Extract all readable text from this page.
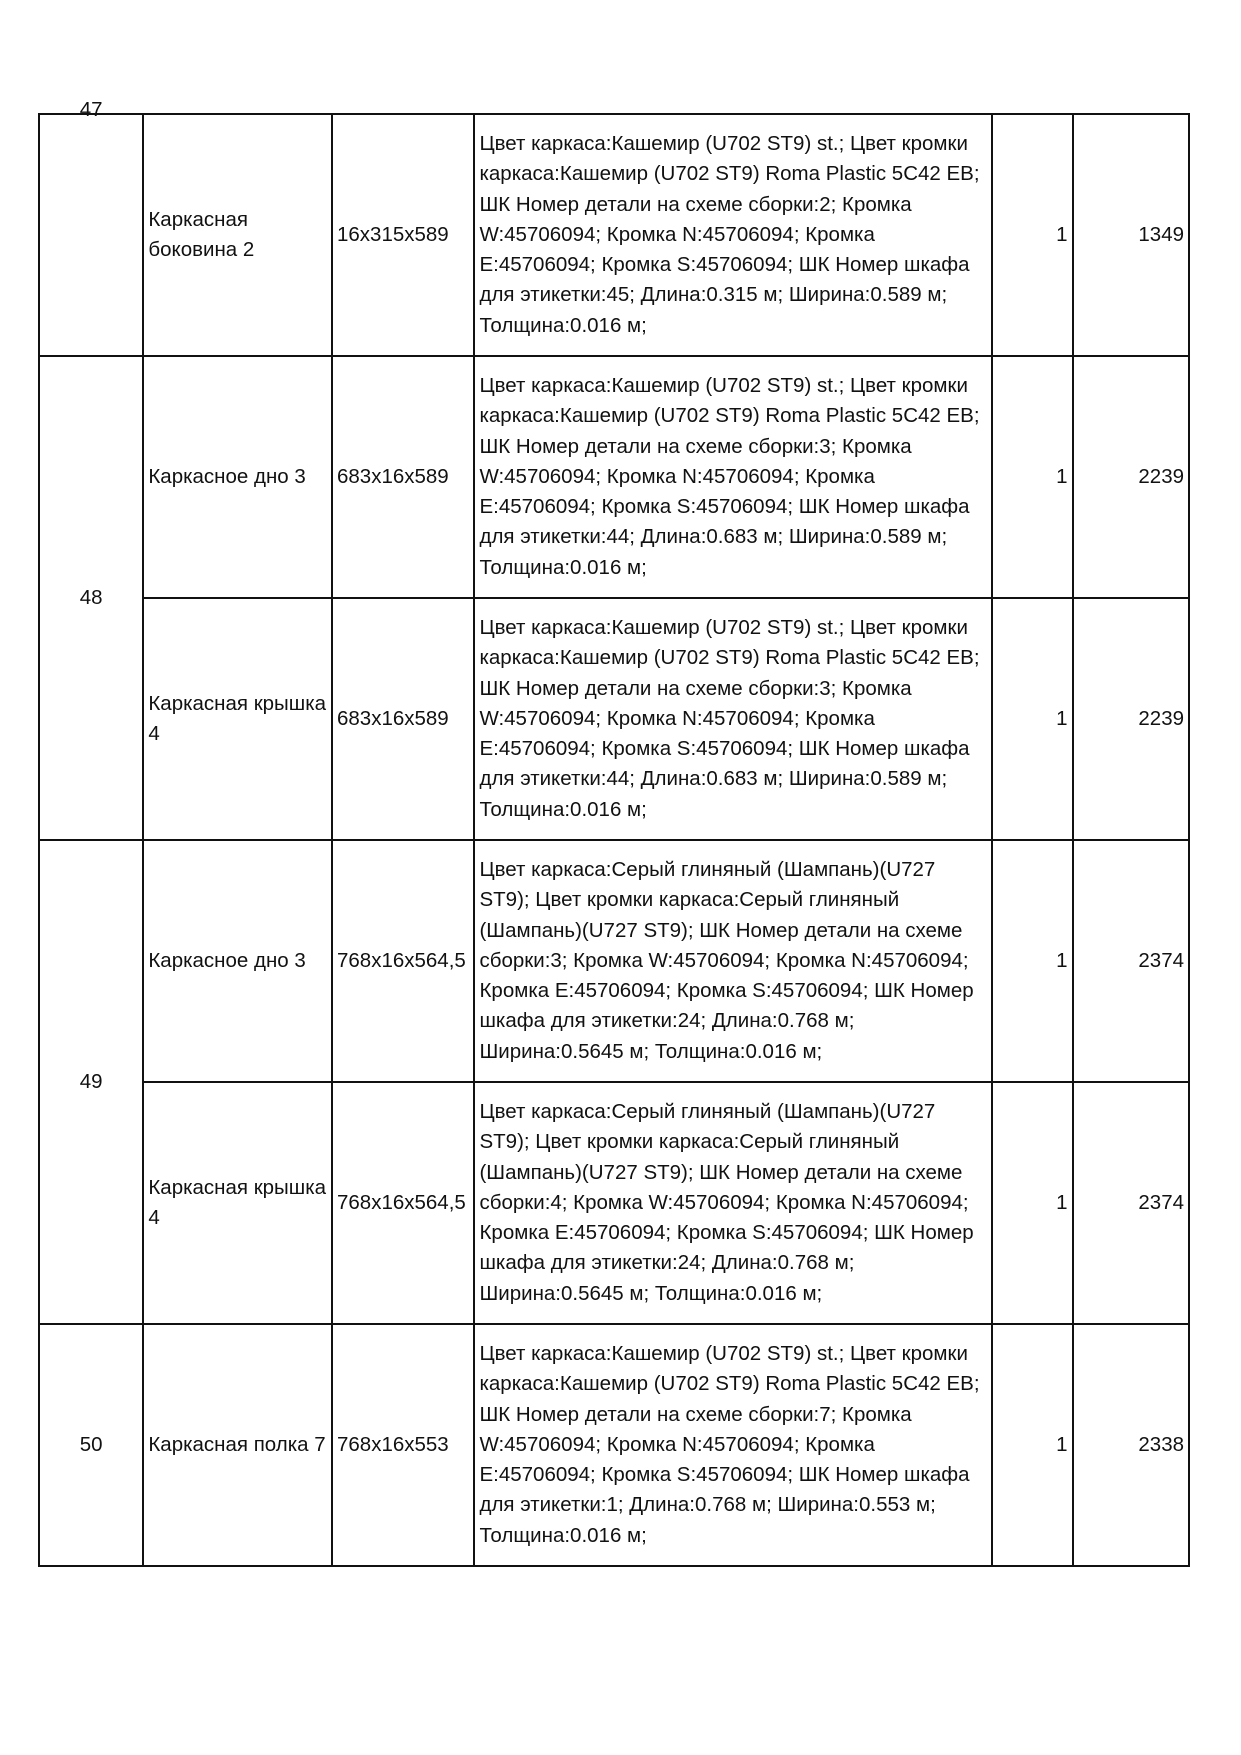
47	Каркасная боковина 2	16x315x589	Цвет каркаса:Кашемир (U702 ST9) st.; Цвет кромки каркаса:Кашемир (U702 ST9) Roma Plastic 5C42 EB; ШК Номер детали на схеме сборки:2; Кромка W:45706094; Кромка N:45706094; Кромка E:45706094; Кромка S:45706094; ШК Номер шкафа для этикетки:45; Длина:0.315 м; Ширина:0.589 м; Толщина:0.016 м;	1	1349
48	Каркасное дно 3	683x16x589	Цвет каркаса:Кашемир (U702 ST9) st.; Цвет кромки каркаса:Кашемир (U702 ST9) Roma Plastic 5C42 EB; ШК Номер детали на схеме сборки:3; Кромка W:45706094; Кромка N:45706094; Кромка E:45706094; Кромка S:45706094; ШК Номер шкафа для этикетки:44; Длина:0.683 м; Ширина:0.589 м; Толщина:0.016 м;	1	2239
	Каркасная крышка 4	683x16x589	Цвет каркаса:Кашемир (U702 ST9) st.; Цвет кромки каркаса:Кашемир (U702 ST9) Roma Plastic 5C42 EB; ШК Номер детали на схеме сборки:3; Кромка W:45706094; Кромка N:45706094; Кромка E:45706094; Кромка S:45706094; ШК Номер шкафа для этикетки:44; Длина:0.683 м; Ширина:0.589 м; Толщина:0.016 м;	1	2239
49	Каркасное дно 3	768x16x564,5	Цвет каркаса:Серый глиняный (Шампань)(U727 ST9); Цвет кромки каркаса:Серый глиняный (Шампань)(U727 ST9); ШК Номер детали на схеме сборки:3; Кромка W:45706094; Кромка N:45706094; Кромка E:45706094; Кромка S:45706094; ШК Номер шкафа для этикетки:24; Длина:0.768 м; Ширина:0.5645 м; Толщина:0.016 м;	1	2374
	Каркасная крышка 4	768x16x564,5	Цвет каркаса:Серый глиняный (Шампань)(U727 ST9); Цвет кромки каркаса:Серый глиняный (Шампань)(U727 ST9); ШК Номер детали на схеме сборки:4; Кромка W:45706094; Кромка N:45706094; Кромка E:45706094; Кромка S:45706094; ШК Номер шкафа для этикетки:24; Длина:0.768 м; Ширина:0.5645 м; Толщина:0.016 м;	1	2374
50	Каркасная полка 7	768x16x553	Цвет каркаса:Кашемир (U702 ST9) st.; Цвет кромки каркаса:Кашемир (U702 ST9) Roma Plastic 5C42 EB; ШК Номер детали на схеме сборки:7; Кромка W:45706094; Кромка N:45706094; Кромка E:45706094; Кромка S:45706094; ШК Номер шкафа для этикетки:1; Длина:0.768 м; Ширина:0.553 м; Толщина:0.016 м;	1	2338
